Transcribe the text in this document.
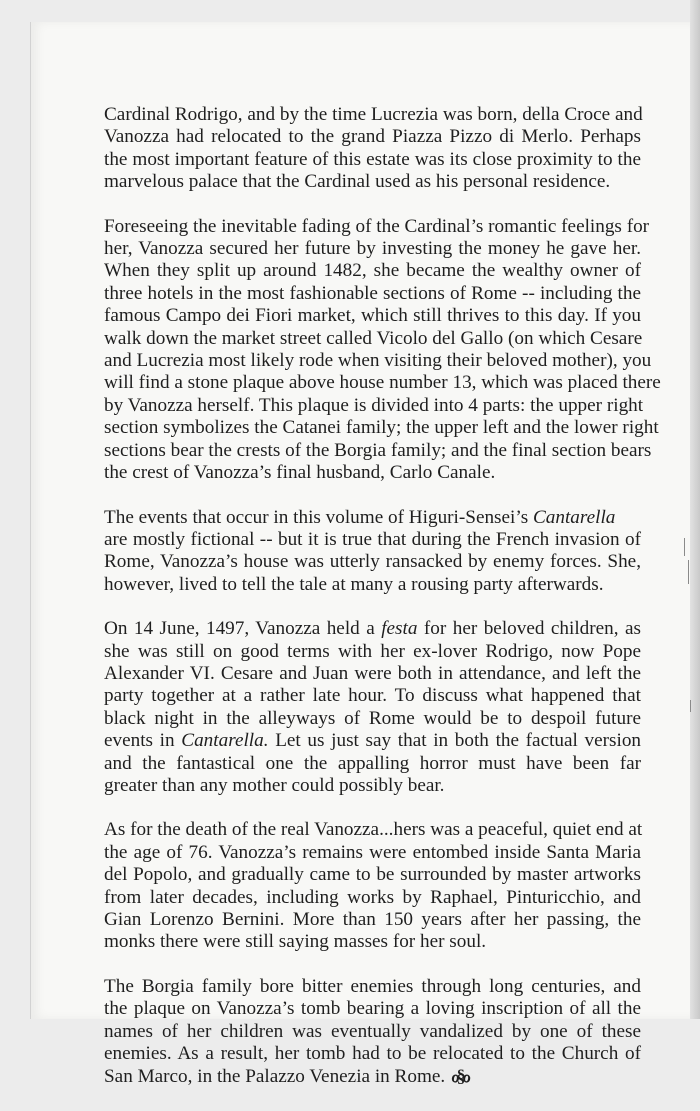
Cardinal Rodrigo, and by the time Lucrezia was born, della Croce and
Vanozza had relocated to the grand Piazza Pizzo di Merlo. Perhaps
the most important feature of this estate was its close proximity to the
marvelous palace that the Cardinal used as his personal residence.

Foreseeing the inevitable fading of the Cardinal’s romantic feelings for
her, Vanozza secured her future by investing the money he gave her.
When they split up around 1482, she became the wealthy owner of
three hotels in the most fashionable sections of Rome -- including the
famous Campo dei Fiori market, which still thrives to this day. If you
walk down the market street called Vicolo del Gallo (on which Cesare
and Lucrezia most likely rode when visiting their beloved mother), you
will find a stone plaque above house number 13, which was placed there
by Vanozza herself. This plaque is divided into 4 parts: the upper right
section symbolizes the Catanei family; the upper left and the lower right
sections bear the crests of the Borgia family; and the final section bears
the crest of Vanozza’s final husband, Carlo Canale.

The events that occur in this volume of Higuri-Sensei’s Cantarella
are mostly fictional -- but it is true that during the French invasion of
Rome, Vanozza’s house was utterly ransacked by enemy forces. She,
however, lived to tell the tale at many a rousing party afterwards.

On 14 June, 1497, Vanozza held a festa for her beloved children, as
she was still on good terms with her ex-lover Rodrigo, now Pope
Alexander VI. Cesare and Juan were both in attendance, and left the
party together at a rather late hour. To discuss what happened that
black night in the alleyways of Rome would be to despoil future
events in Cantarella. Let us just say that in both the factual version
and the fantastical one the appalling horror must have been far
greater than any mother could possibly bear.

As for the death of the real Vanozza...hers was a peaceful, quiet end at
the age of 76. Vanozza’s remains were entombed inside Santa Maria
del Popolo, and gradually came to be surrounded by master artworks
from later decades, including works by Raphael, Pinturicchio, and
Gian Lorenzo Bernini. More than 150 years after her passing, the
monks there were still saying masses for her soul.

The Borgia family bore bitter enemies through long centuries, and
the plaque on Vanozza’s tomb bearing a loving inscription of all the
names of her children was eventually vandalized by one of these
enemies. As a result, her tomb had to be relocated to the Church of
San Marco, in the Palazzo Venezia in Rome. ℴ§ℴ
